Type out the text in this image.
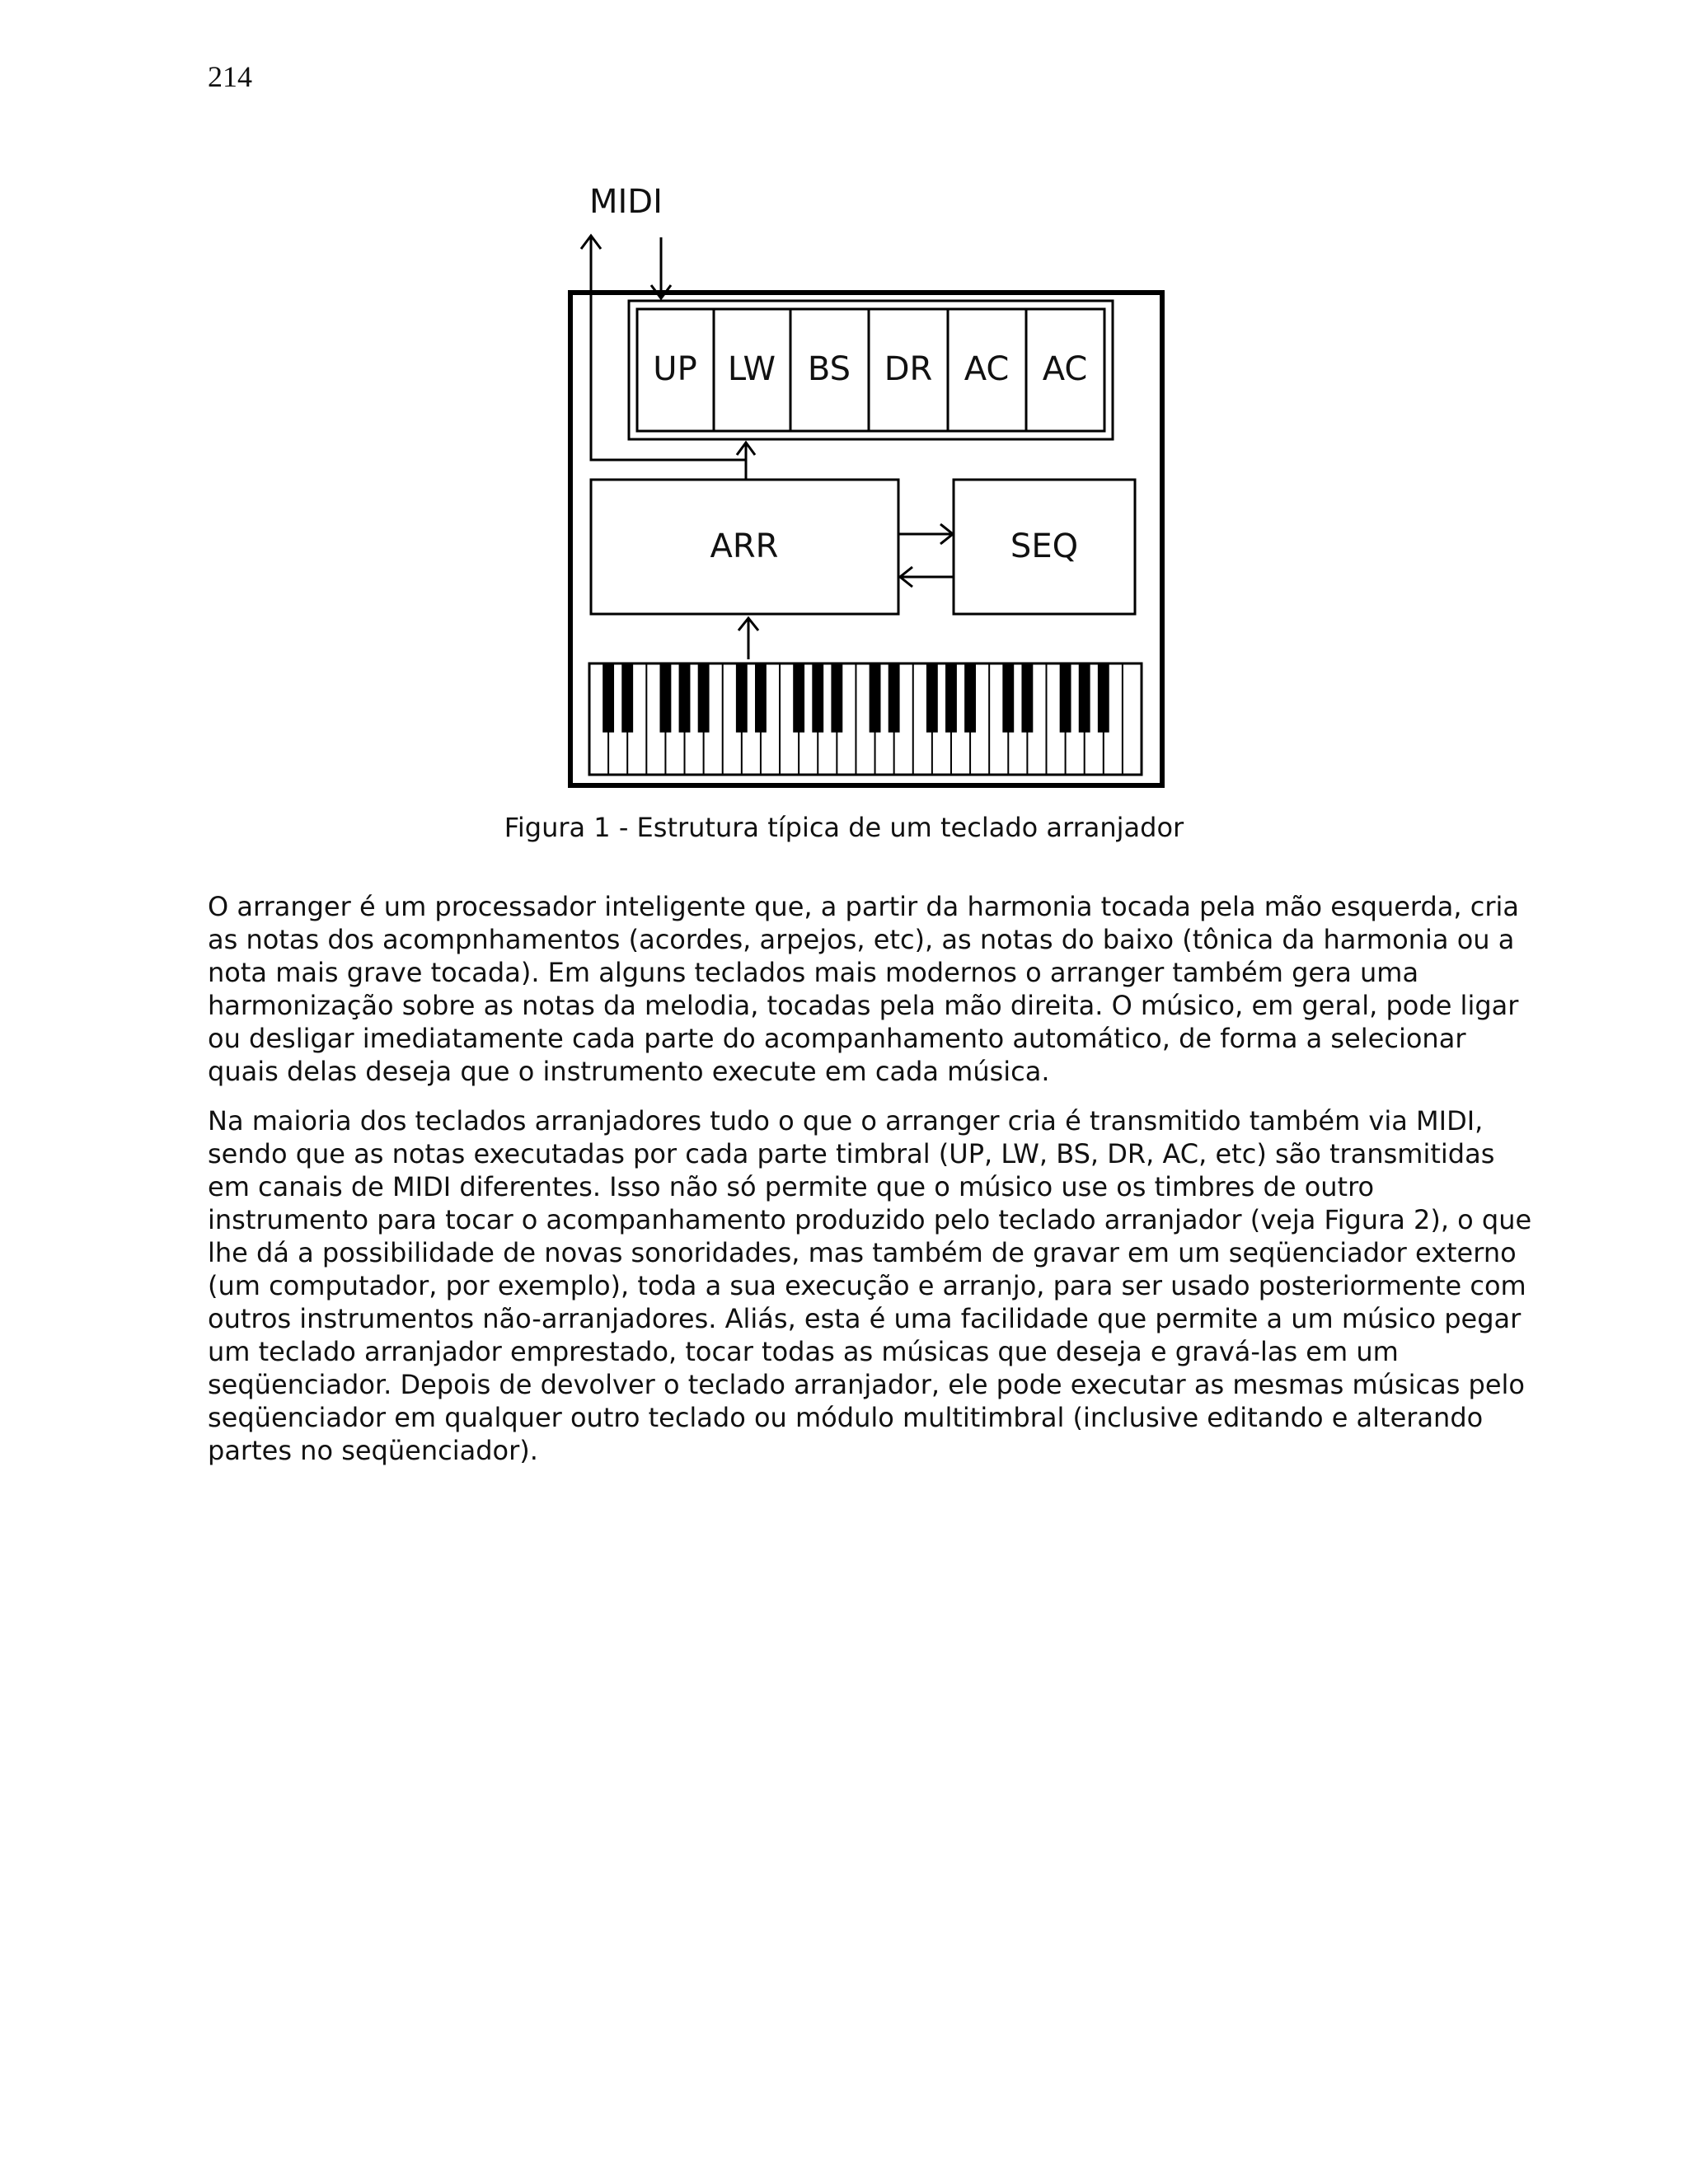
214
MIDI
UP LW BS DR AC AC
ARR	SEQ
Figura 1 - Estrutura típica de um teclado arranjador

O arranger é um processador inteligente que, a partir da harmonia tocada pela mão esquerda, cria as notas dos acompnhamentos (acordes, arpejos, etc), as notas do baixo (tônica da harmonia ou a nota mais grave tocada). Em alguns teclados mais modernos o arranger também gera uma harmonização sobre as notas da melodia, tocadas pela mão direita. O músico, em geral, pode ligar ou desligar imediatamente cada parte do acompanhamento automático, de forma a selecionar quais delas deseja que o instrumento execute em cada música.

Na maioria dos teclados arranjadores tudo o que o arranger cria é transmitido também via MIDI, sendo que as notas executadas por cada parte timbral (UP, LW, BS, DR, AC, etc) são transmitidas em canais de MIDI diferentes. Isso não só permite que o músico use os timbres de outro instrumento para tocar o acompanhamento produzido pelo teclado arranjador (veja Figura 2), o que lhe dá a possibilidade de novas sonoridades, mas também de gravar em um seqüenciador externo (um computador, por exemplo), toda a sua execução e arranjo, para ser usado posteriormente com outros instrumentos não-arranjadores. Aliás, esta é uma facilidade que permite a um músico pegar um teclado arranjador emprestado, tocar todas as músicas que deseja e gravá-las em um seqüenciador. Depois de devolver o teclado arranjador, ele pode executar as mesmas músicas pelo seqüenciador em qualquer outro teclado ou módulo multitimbral (inclusive editando e alterando partes no seqüenciador).
